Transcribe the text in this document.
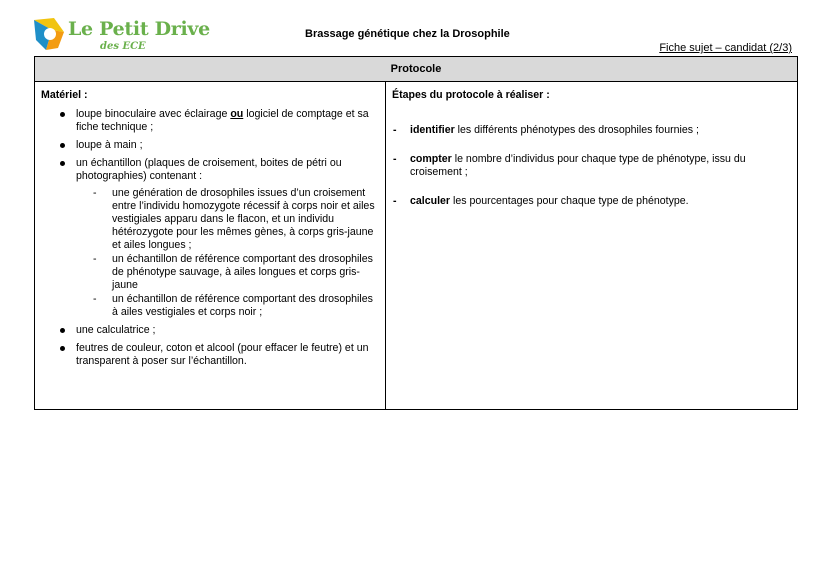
Le Petit Drive
des ECE
Brassage génétique chez la Drosophile
Fiche sujet – candidat (2/3)
Protocole

Matériel :

loupe binoculaire avec éclairage ou logiciel de comptage et sa fiche technique ;
loupe à main ;
un échantillon (plaques de croisement, boites de pétri ou photographies) contenant :
- une génération de drosophiles issues d’un croisement entre l’individu homozygote récessif à corps noir et ailes vestigiales apparu dans le flacon, et un individu hétérozygote pour les mêmes gènes, à corps gris-jaune et ailes longues ;
- un échantillon de référence comportant des drosophiles de phénotype sauvage, à ailes longues et corps gris-jaune
- un échantillon de référence comportant des drosophiles à ailes vestigiales et corps noir ;
une calculatrice ;
feutres de couleur, coton et alcool (pour effacer le feutre) et un transparent à poser sur l’échantillon.

Étapes du protocole à réaliser :

- identifier les différents phénotypes des drosophiles fournies ;
- compter le nombre d’individus pour chaque type de phénotype, issu du croisement ;
- calculer les pourcentages pour chaque type de phénotype.
